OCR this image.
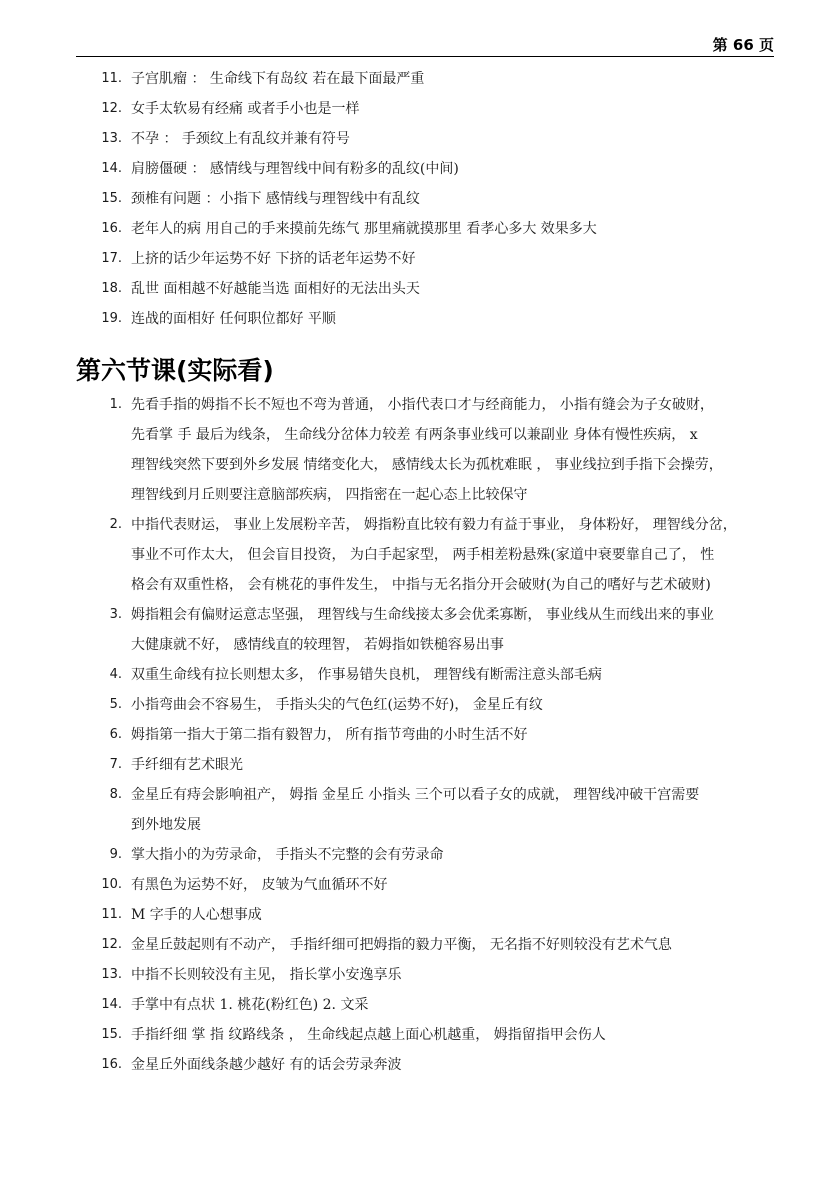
第 66 页
11. 子宫肌瘤 ： 生命线下有岛纹 若在最下面最严重
12. 女手太软易有经痛 或者手小也是一样
13. 不孕 ： 手颈纹上有乱纹并兼有符号
14. 肩膀僵硬 ： 感情线与理智线中间有粉多的乱纹(中间)
15. 颈椎有问题 ：小指下 感情线与理智线中有乱纹
16. 老年人的病 用自己的手来摸前先练气 那里痛就摸那里 看孝心多大 效果多大
17. 上挤的话少年运势不好 下挤的话老年运势不好
18. 乱世 面相越不好越能当选 面相好的无法出头天
19. 连战的面相好 任何职位都好 平顺
第六节课(实际看)
1. 先看手指的姆指不长不短也不弯为普通， 小指代表口才与经商能力， 小指有缝会为子女破财，
先看掌 手 最后为线条， 生命线分岔体力较差 有两条事业线可以兼副业 身体有慢性疾病， x
理智线突然下要到外乡发展 情绪变化大， 感情线太长为孤枕难眠 ， 事业线拉到手指下会操劳，
理智线到月丘则要注意脑部疾病， 四指密在一起心态上比较保守
2. 中指代表财运， 事业上发展粉辛苦， 姆指粉直比较有毅力有益于事业， 身体粉好， 理智线分岔，
事业不可作太大， 但会盲目投资， 为白手起家型， 两手相差粉悬殊(家道中衰要靠自己了， 性
格会有双重性格， 会有桃花的事件发生， 中指与无名指分开会破财(为自己的嗜好与艺术破财)
3. 姆指粗会有偏财运意志坚强， 理智线与生命线接太多会优柔寡断， 事业线从生而线出来的事业
大健康就不好， 感情线直的较理智， 若姆指如铁槌容易出事
4. 双重生命线有拉长则想太多， 作事易错失良机， 理智线有断需注意头部毛病
5. 小指弯曲会不容易生， 手指头尖的气色红(运势不好)， 金星丘有纹
6. 姆指第一指大于第二指有毅智力， 所有指节弯曲的小时生活不好
7. 手纤细有艺术眼光
8. 金星丘有痔会影响祖产， 姆指 金星丘 小指头 三个可以看子女的成就， 理智线冲破干宫需要
到外地发展
9. 掌大指小的为劳录命， 手指头不完整的会有劳录命
10. 有黑色为运势不好， 皮皱为气血循环不好
11. M 字手的人心想事成
12. 金星丘鼓起则有不动产， 手指纤细可把姆指的毅力平衡， 无名指不好则较没有艺术气息
13. 中指不长则较没有主见， 指长掌小安逸享乐
14. 手掌中有点状 1. 桃花(粉红色) 2. 文采
15. 手指纤细 掌 指 纹路线条 ， 生命线起点越上面心机越重， 姆指留指甲会伤人
16. 金星丘外面线条越少越好 有的话会劳录奔波
